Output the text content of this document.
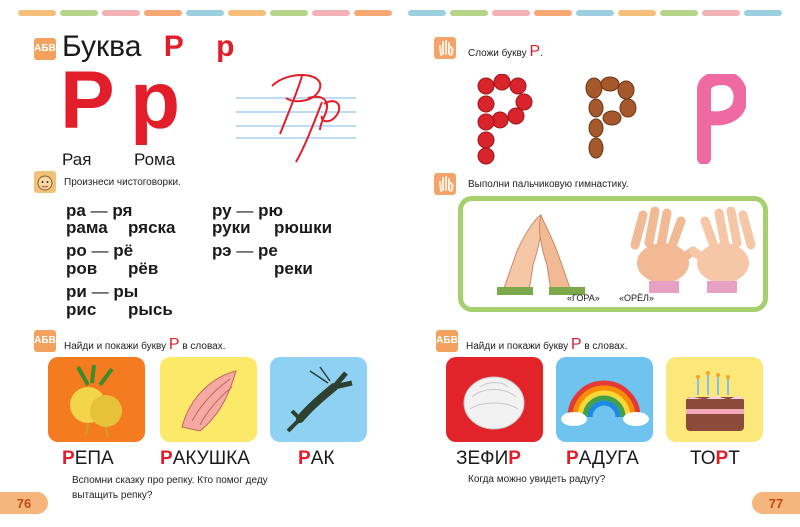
АБВ Буква Р р
Р р
Рая	Рома
Произнеси чистоговорки.
ра — ря
рама ряска
ро — рё
ров рёв
ри — ры
рис рысь
ру — рю
руки рюшки
рэ — ре
реки
АБВ
Найди и покажи букву Р в словах.
РЕПА РАКУШКА	РАК
Вспомни сказку про репку. Кто помог деду вытащить репку?
76
Сложи букву Р.
Выполни пальчиковую гимнастику.
«ГОРА» «ОРЁЛ»
АБВ
Найди и покажи букву Р в словах.
ЗЕФИР РАДУГА	ТОРТ
Когда можно увидеть радугу?
77
